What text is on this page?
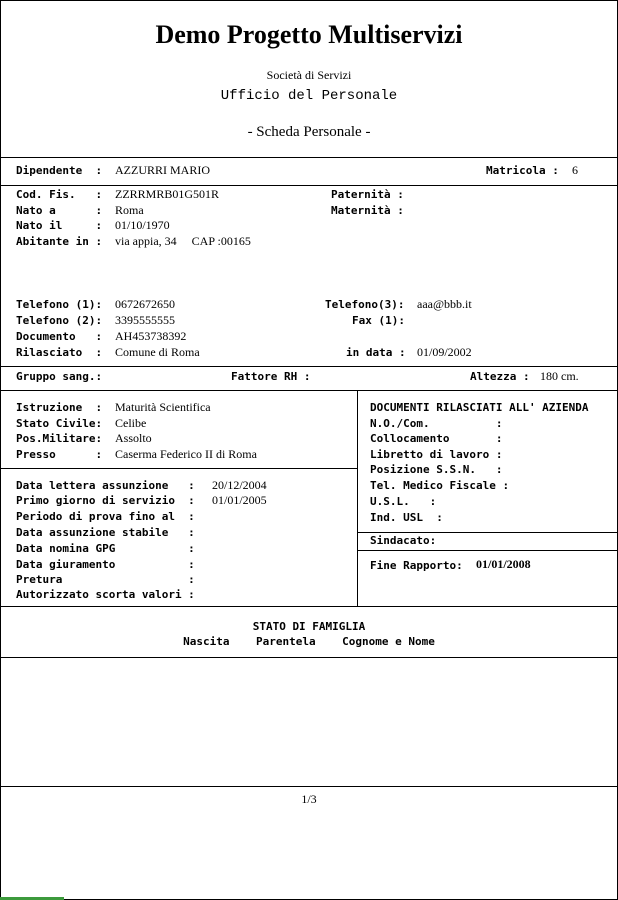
Demo Progetto Multiservizi
Società di Servizi
Ufficio del Personale
- Scheda Personale -
Dipendente  : AZZURRI MARIO	Matricola : 6
Cod. Fis.   : ZZRRMRB01G501R	Paternità :
Nato a      : Roma	Maternità :
Nato il     : 01/10/1970
Abitante in : via appia, 34     CAP :00165
Telefono (1): 0672672650	Telefono(3): aaa@bbb.it
Telefono (2): 3395555555	Fax (1):
Documento   : AH453738392
Rilasciato  : Comune di Roma	in data : 01/09/2002
Gruppo sang.:	Fattore RH :	Altezza : 180 cm.
Istruzione  : Maturità Scientifica
Stato Civile: Celibe
Pos.Militare: Assolto
Presso      : Caserma Federico II di Roma
Data lettera assunzione   : 20/12/2004
Primo giorno di servizio  : 01/01/2005
Periodo di prova fino al  :
Data assunzione stabile   :
Data nomina GPG           :
Data giuramento           :
Pretura                   :
Autorizzato scorta valori :
DOCUMENTI RILASCIATI ALL' AZIENDA
N.O./Com.          :
Collocamento       :
Libretto di lavoro :
Posizione S.S.N.   :
Tel. Medico Fiscale :
U.S.L.   :
Ind. USL  :
Sindacato:
Fine Rapporto: 01/01/2008
STATO DI FAMIGLIA
Nascita    Parentela    Cognome e Nome
1/3
